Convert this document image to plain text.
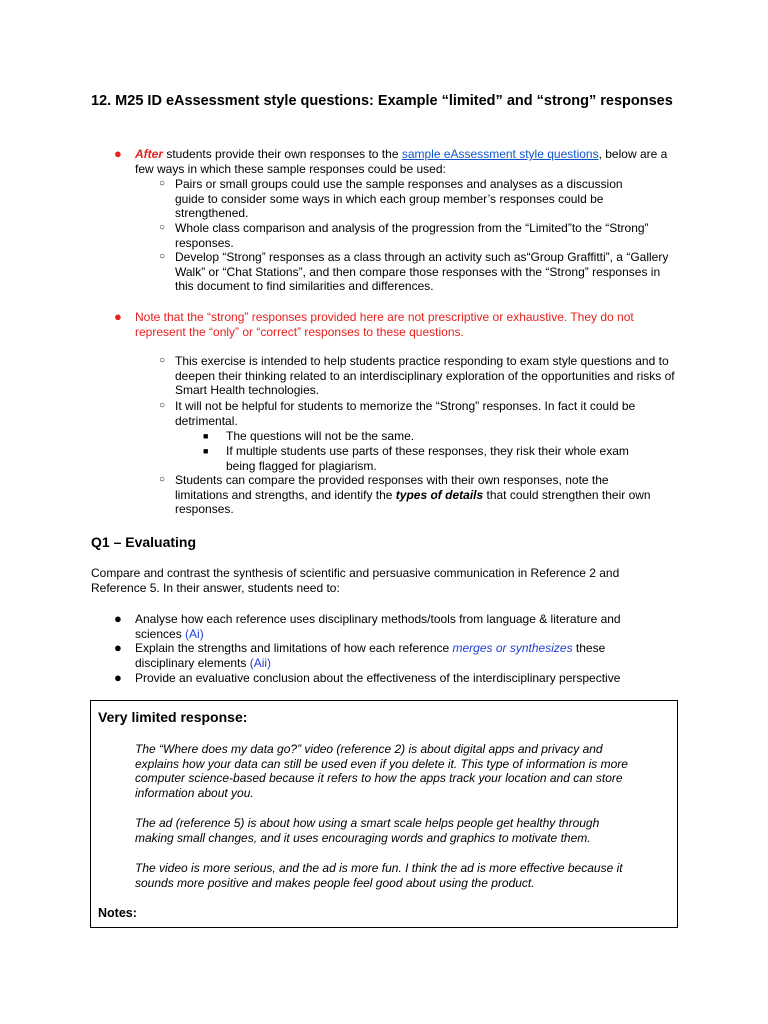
12. M25 ID eAssessment style questions: Example “limited” and “strong” responses
● After students provide their own responses to the sample eAssessment style questions, below are a few ways in which these sample responses could be used:
○ Pairs or small groups could use the sample responses and analyses as a discussion guide to consider some ways in which each group member’s responses could be strengthened.
○ Whole class comparison and analysis of the progression from the “Limited”to the “Strong” responses.
○ Develop “Strong” responses as a class through an activity such as“Group Graffitti”, a “Gallery Walk” or “Chat Stations”, and then compare those responses with the “Strong” responses in this document to find similarities and differences.
● Note that the “strong” responses provided here are not prescriptive or exhaustive. They do not represent the “only” or “correct” responses to these questions.
○ This exercise is intended to help students practice responding to exam style questions and to deepen their thinking related to an interdisciplinary exploration of the opportunities and risks of Smart Health technologies.
○ It will not be helpful for students to memorize the “Strong” responses. In fact it could be detrimental.
■ The questions will not be the same.
■ If multiple students use parts of these responses, they risk their whole exam being flagged for plagiarism.
○ Students can compare the provided responses with their own responses, note the limitations and strengths, and identify the types of details that could strengthen their own responses.
Q1 – Evaluating
Compare and contrast the synthesis of scientific and persuasive communication in Reference 2 and Reference 5. In their answer, students need to:
● Analyse how each reference uses disciplinary methods/tools from language & literature and sciences (Ai)
● Explain the strengths and limitations of how each reference merges or synthesizes these disciplinary elements (Aii)
● Provide an evaluative conclusion about the effectiveness of the interdisciplinary perspective
Very limited response:
The “Where does my data go?” video (reference 2) is about digital apps and privacy and explains how your data can still be used even if you delete it. This type of information is more computer science-based because it refers to how the apps track your location and can store information about you.
The ad (reference 5) is about how using a smart scale helps people get healthy through making small changes, and it uses encouraging words and graphics to motivate them.
The video is more serious, and the ad is more fun. I think the ad is more effective because it sounds more positive and makes people feel good about using the product.
Notes:
